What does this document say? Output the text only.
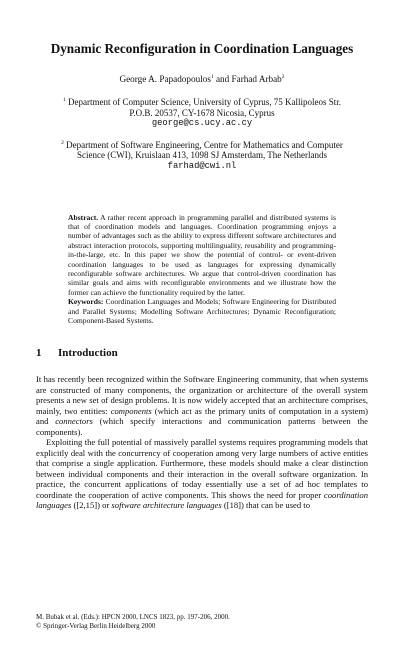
Dynamic Reconfiguration in Coordination Languages
George A. Papadopoulos$^1$ and Farhad Arbab$^2$
$^1$ Department of Computer Science, University of Cyprus, 75 Kallipoleos Str.
P.O.B. 20537, CY-1678 Nicosia, Cyprus
george@cs.ucy.ac.cy
$^2$ Department of Software Engineering, Centre for Mathematics and Computer
Science (CWI), Kruislaan 413, 1098 SJ Amsterdam, The Netherlands
farhad@cwi.nl

Abstract. A rather recent approach in programming parallel and distributed systems is that of coordination models and languages. Coordination programming enjoys a number of advantages such as the ability to express different software architectures and abstract interaction protocols, supporting multilinguality, reusability and programming-in-the-large, etc. In this paper we show the potential of control- or event-driven coordination languages to be used as languages for expressing dynamically reconfigurable software architectures. We argue that control-driven coordination has similar goals and aims with reconfigurable environments and we illustrate how the former can achieve the functionality required by the latter.

Keywords: Coordination Languages and Models; Software Engineering for Distributed and Parallel Systems; Modelling Software Architectures; Dynamic Reconfiguration; Component-Based Systems.

1 Introduction

It has recently been recognized within the Software Engineering community, that when systems are constructed of many components, the organization or architecture of the overall system presents a new set of design problems. It is now widely accepted that an architecture comprises, mainly, two entities: components (which act as the primary units of computation in a system) and connectors (which specify interactions and communication patterns between the components).

Exploiting the full potential of massively parallel systems requires programming models that explicitly deal with the concurrency of cooperation among very large numbers of active entities that comprise a single application. Furthermore, these models should make a clear distinction between individual components and their interaction in the overall software organization. In practice, the concurrent applications of today essentially use a set of ad hoc templates to coordinate the cooperation of active components. This shows the need for proper coordination languages ([2,15]) or software architecture languages ([18]) that can be used to

M. Bubak et al. (Eds.): HPCN 2000, LNCS 1823, pp. 197-206, 2000.
© Springer-Verlag Berlin Heidelberg 2000
